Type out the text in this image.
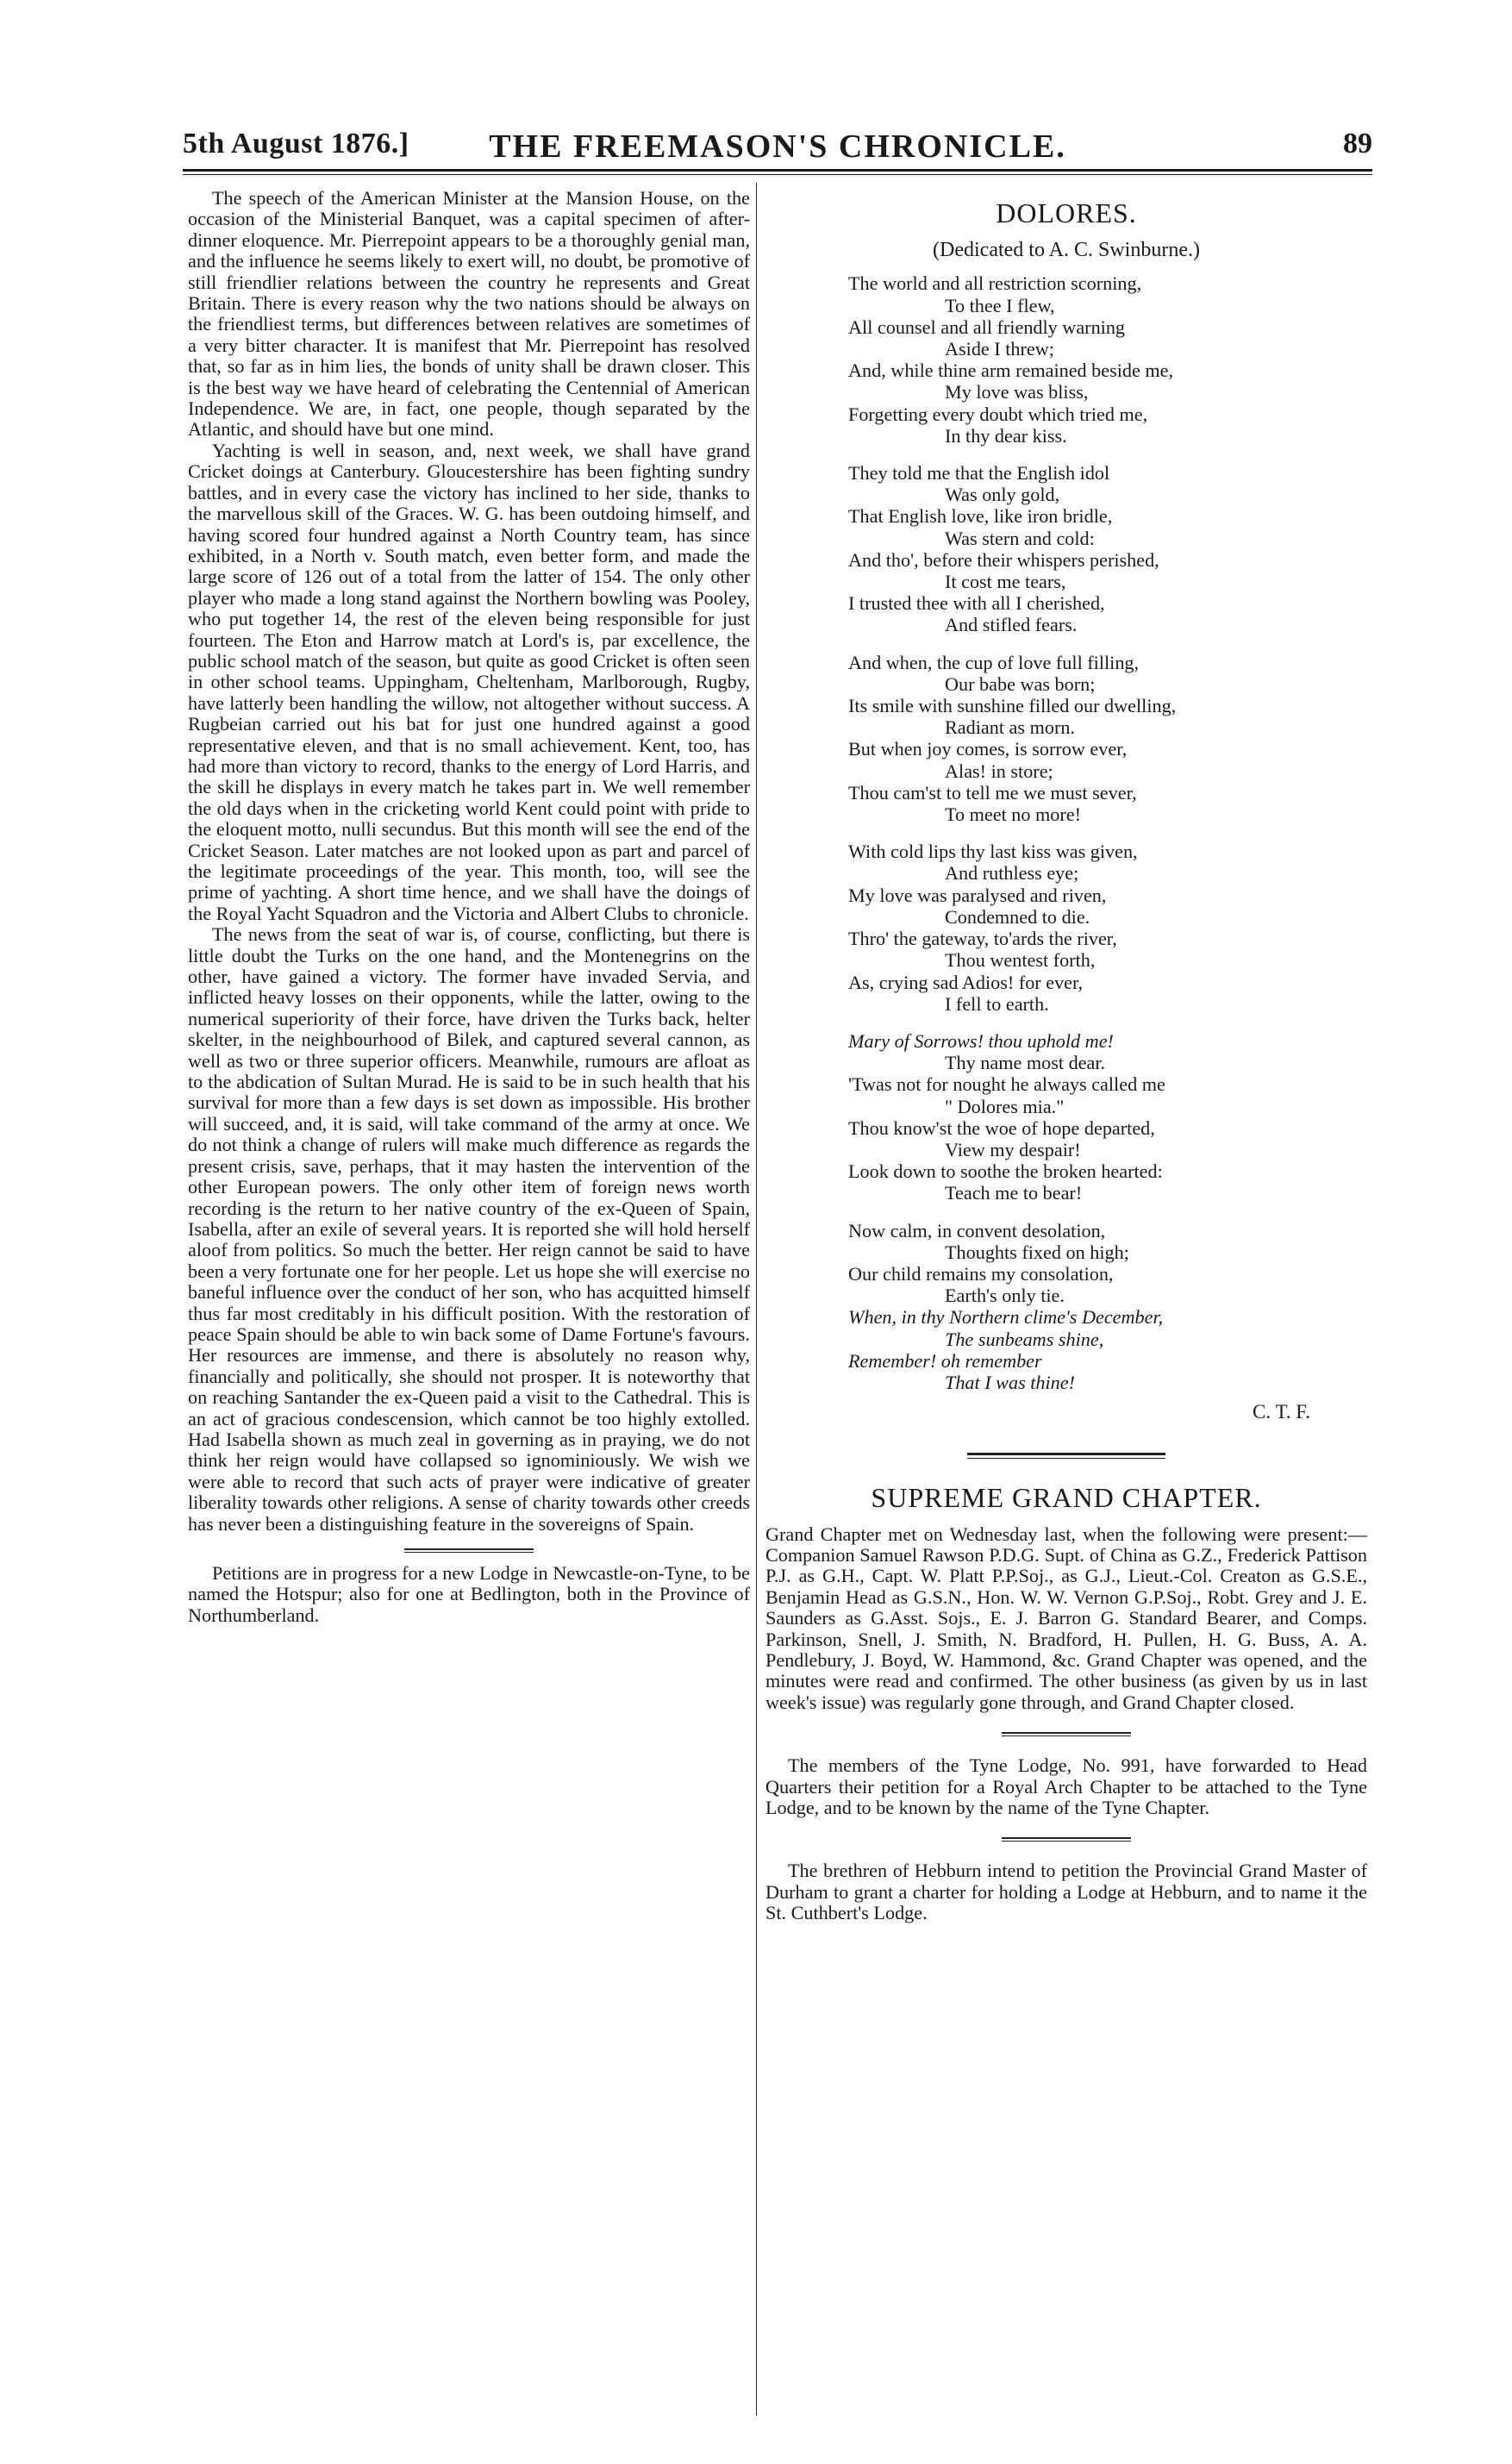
5th August 1876.]	THE FREEMASON'S CHRONICLE.	89

The speech of the American Minister at the Mansion House, on the occasion of the Ministerial Banquet, was a capital specimen of after-dinner eloquence. Mr. Pierrepoint appears to be a thoroughly genial man, and the influence he seems likely to exert will, no doubt, be promotive of still friendlier relations between the country he represents and Great Britain. There is every reason why the two nations should be always on the friendliest terms, but differences between relatives are sometimes of a very bitter character. It is manifest that Mr. Pierrepoint has resolved that, so far as in him lies, the bonds of unity shall be drawn closer. This is the best way we have heard of celebrating the Centennial of American Independence. We are, in fact, one people, though separated by the Atlantic, and should have but one mind.

Yachting is well in season, and, next week, we shall have grand Cricket doings at Canterbury. Gloucestershire has been fighting sundry battles, and in every case the victory has inclined to her side, thanks to the marvellous skill of the Graces. W. G. has been outdoing himself, and having scored four hundred against a North Country team, has since exhibited, in a North v. South match, even better form, and made the large score of 126 out of a total from the latter of 154. The only other player who made a long stand against the Northern bowling was Pooley, who put together 14, the rest of the eleven being responsible for just fourteen. The Eton and Harrow match at Lord's is, par excellence, the public school match of the season, but quite as good Cricket is often seen in other school teams. Uppingham, Cheltenham, Marlborough, Rugby, have latterly been handling the willow, not altogether without success. A Rugbeian carried out his bat for just one hundred against a good representative eleven, and that is no small achievement. Kent, too, has had more than victory to record, thanks to the energy of Lord Harris, and the skill he displays in every match he takes part in. We well remember the old days when in the cricketing world Kent could point with pride to the eloquent motto, nulli secundus. But this month will see the end of the Cricket Season. Later matches are not looked upon as part and parcel of the legitimate proceedings of the year. This month, too, will see the prime of yachting. A short time hence, and we shall have the doings of the Royal Yacht Squadron and the Victoria and Albert Clubs to chronicle.

The news from the seat of war is, of course, conflicting, but there is little doubt the Turks on the one hand, and the Montenegrins on the other, have gained a victory. The former have invaded Servia, and inflicted heavy losses on their opponents, while the latter, owing to the numerical superiority of their force, have driven the Turks back, helter skelter, in the neighbourhood of Bilek, and captured several cannon, as well as two or three superior officers. Meanwhile, rumours are afloat as to the abdication of Sultan Murad. He is said to be in such health that his survival for more than a few days is set down as impossible. His brother will succeed, and, it is said, will take command of the army at once. We do not think a change of rulers will make much difference as regards the present crisis, save, perhaps, that it may hasten the intervention of the other European powers. The only other item of foreign news worth recording is the return to her native country of the ex-Queen of Spain, Isabella, after an exile of several years. It is reported she will hold herself aloof from politics. So much the better. Her reign cannot be said to have been a very fortunate one for her people. Let us hope she will exercise no baneful influence over the conduct of her son, who has acquitted himself thus far most creditably in his difficult position. With the restoration of peace Spain should be able to win back some of Dame Fortune's favours. Her resources are immense, and there is absolutely no reason why, financially and politically, she should not prosper. It is noteworthy that on reaching Santander the ex-Queen paid a visit to the Cathedral. This is an act of gracious condescension, which cannot be too highly extolled. Had Isabella shown as much zeal in governing as in praying, we do not think her reign would have collapsed so ignominiously. We wish we were able to record that such acts of prayer were indicative of greater liberality towards other religions. A sense of charity towards other creeds has never been a distinguishing feature in the sovereigns of Spain.

Petitions are in progress for a new Lodge in Newcastle-on-Tyne, to be named the Hotspur; also for one at Bedlington, both in the Province of Northumberland.

DOLORES.
(Dedicated to A. C. Swinburne.)
The world and all restriction scorning,
To thee I flew,
All counsel and all friendly warning
Aside I threw;
And, while thine arm remained beside me,
My love was bliss,
Forgetting every doubt which tried me,
In thy dear kiss.
They told me that the English idol
Was only gold,
That English love, like iron bridle,
Was stern and cold:
And tho', before their whispers perished,
It cost me tears,
I trusted thee with all I cherished,
And stifled fears.
And when, the cup of love full filling,
Our babe was born;
Its smile with sunshine filled our dwelling,
Radiant as morn.
But when joy comes, is sorrow ever,
Alas! in store;
Thou cam'st to tell me we must sever,
To meet no more!
With cold lips thy last kiss was given,
And ruthless eye;
My love was paralysed and riven,
Condemned to die.
Thro' the gateway, to'ards the river,
Thou wentest forth,
As, crying sad Adios! for ever,
I fell to earth.
Mary of Sorrows! thou uphold me!
Thy name most dear.
'Twas not for nought he always called me
" Dolores mia."
Thou know'st the woe of hope departed,
View my despair!
Look down to soothe the broken hearted:
Teach me to bear!
Now calm, in convent desolation,
Thoughts fixed on high;
Our child remains my consolation,
Earth's only tie.
When, in thy Northern clime's December,
The sunbeams shine,
Remember! oh remember
That I was thine!
C. T. F.
SUPREME GRAND CHAPTER.

Grand Chapter met on Wednesday last, when the following were present:—Companion Samuel Rawson P.D.G. Supt. of China as G.Z., Frederick Pattison P.J. as G.H., Capt. W. Platt P.P.Soj., as G.J., Lieut.-Col. Creaton as G.S.E., Benjamin Head as G.S.N., Hon. W. W. Vernon G.P.Soj., Robt. Grey and J. E. Saunders as G.Asst. Sojs., E. J. Barron G. Standard Bearer, and Comps. Parkinson, Snell, J. Smith, N. Bradford, H. Pullen, H. G. Buss, A. A. Pendlebury, J. Boyd, W. Hammond, &c. Grand Chapter was opened, and the minutes were read and confirmed. The other business (as given by us in last week's issue) was regularly gone through, and Grand Chapter closed.

The members of the Tyne Lodge, No. 991, have forwarded to Head Quarters their petition for a Royal Arch Chapter to be attached to the Tyne Lodge, and to be known by the name of the Tyne Chapter.

The brethren of Hebburn intend to petition the Provincial Grand Master of Durham to grant a charter for holding a Lodge at Hebburn, and to name it the St. Cuthbert's Lodge.
